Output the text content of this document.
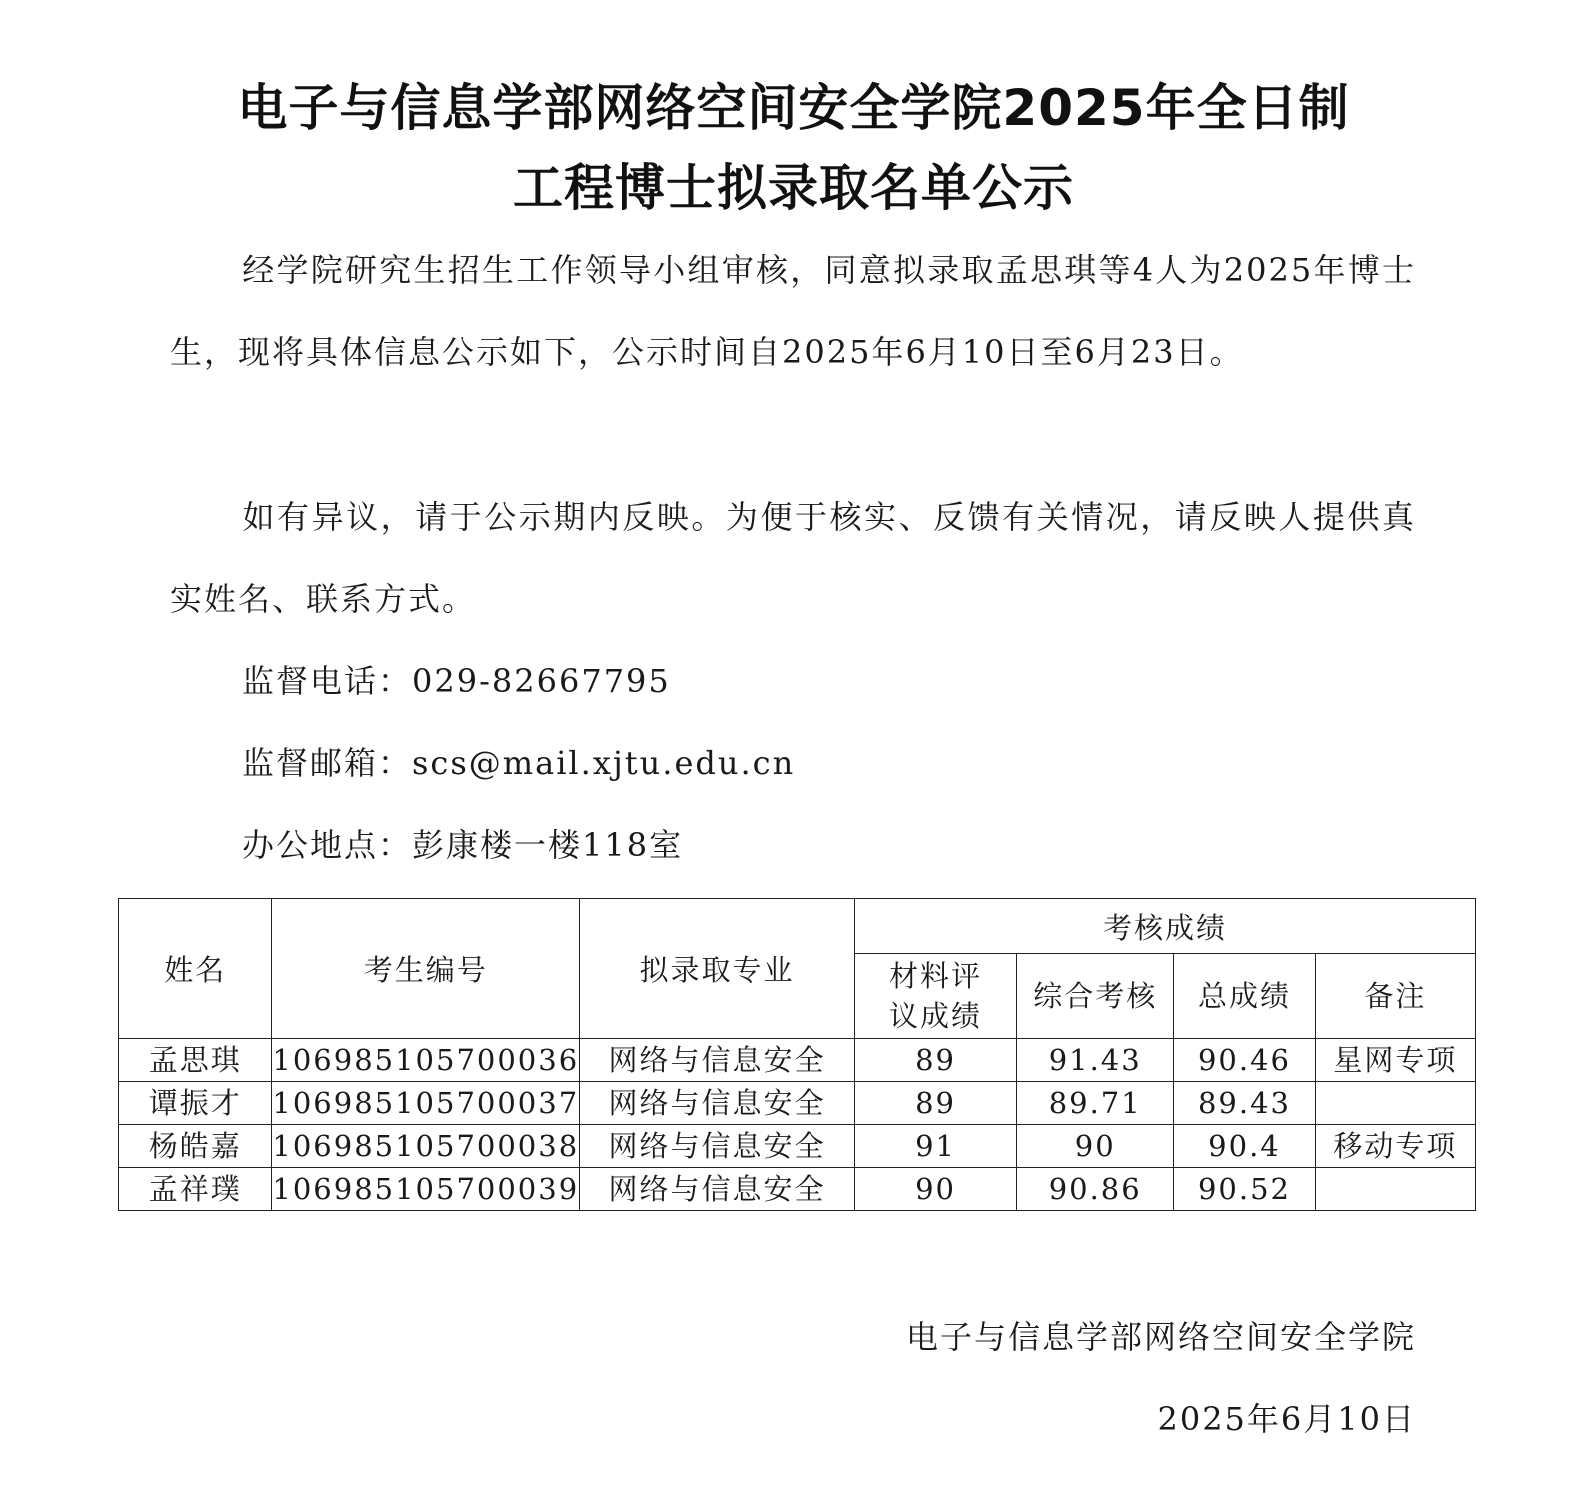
电子与信息学部网络空间安全学院2025年全日制
工程博士拟录取名单公示

经学院研究生招生工作领导小组审核，同意拟录取孟思琪等4人为2025年博士生，现将具体信息公示如下，公示时间自2025年6月10日至6月23日。

如有异议，请于公示期内反映。为便于核实、反馈有关情况，请反映人提供真实姓名、联系方式。

监督电话：029-82667795
监督邮箱：scs@mail.xjtu.edu.cn
办公地点：彭康楼一楼118室
姓名	考生编号	拟录取专业	考核成绩			

			材料评议成绩	综合考核	总成绩	备注
孟思琪	106985105700036	网络与信息安全	89	91.43	90.46	星网专项
谭振才	106985105700037	网络与信息安全	89	89.71	89.43	
杨皓嘉	106985105700038	网络与信息安全	91	90	90.4	移动专项
孟祥璞	106985105700039	网络与信息安全	90	90.86	90.52	
电子与信息学部网络空间安全学院
2025年6月10日
